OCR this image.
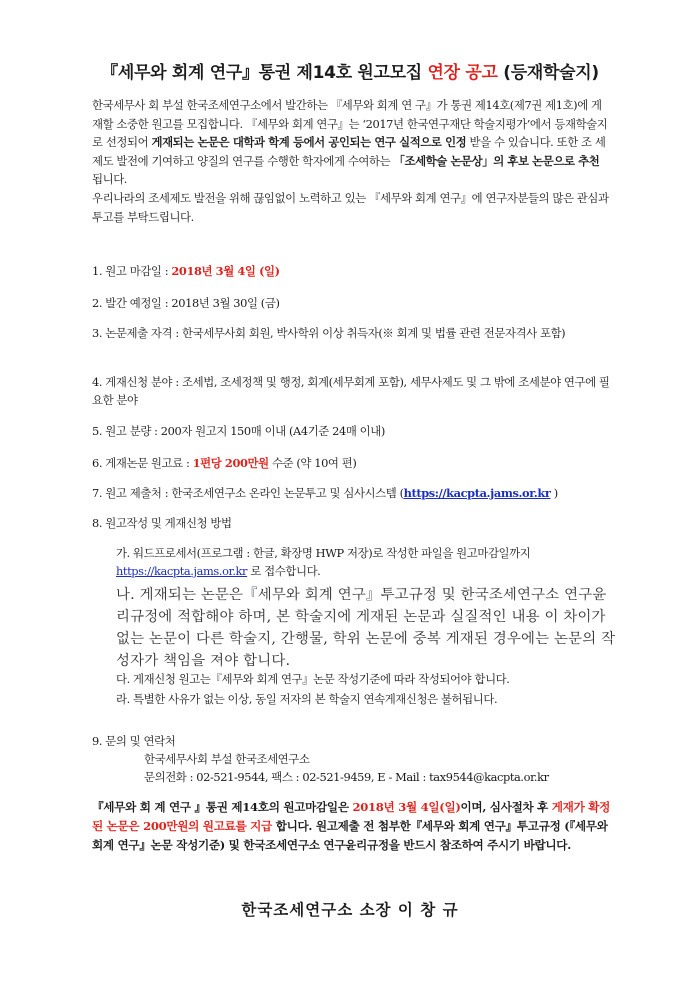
『세무와 회계 연구』통권 제14호 원고모집 연장 공고 (등재학술지)

한국세무사 회 부설 한국조세연구소에서 발간하는 『세무와 회계 연 구』가 통권 제14호(제7권 제1호)에 게재할 소중한 원고를 모집합니다. 『세무와 회계 연구』는 ‘2017년 한국연구재단 학술지평가’에서 등재학술지 로 선정되어 게재되는 논문은 대학과 학계 등에서 공인되는 연구 실적으로 인정 받을 수 있습니다. 또한 조 세제도 발전에 기여하고 양질의 연구를 수행한 학자에게 수여하는 「조세학술 논문상」의 후보 논문으로 추천 됩니다.

우리나라의 조세제도 발전을 위해 끊임없이 노력하고 있는 『세무와 회계 연구』에 연구자분들의 많은 관심과 투고를 부탁드립니다.

1. 원고 마감일 : 2018년 3월 4일 (일)
2. 발간 예정일 : 2018년 3월 30일 (금)
3. 논문제출 자격 : 한국세무사회 회원, 박사학위 이상 취득자(※ 회계 및 법률 관련 전문자격사 포함)
4. 게재신청 분야 : 조세법, 조세정책 및 행정, 회계(세무회계 포함), 세무사제도 및 그 밖에 조세분야 연구에 필요한 분야
5. 원고 분량 : 200자 원고지 150매 이내 (A4기준 24매 이내)
6. 게재논문 원고료 : 1편당 200만원 수준 (약 10여 편)
7. 원고 제출처 : 한국조세연구소 온라인 논문투고 및 심사시스템 (https://kacpta.jams.or.kr )
8. 원고작성 및 게재신청 방법
가. 워드프로세서(프로그램 : 한글, 확장명 HWP 저장)로 작성한 파일을 원고마감일까지
https://kacpta.jams.or.kr 로 접수합니다.
나. 게재되는 논문은『세무와 회계 연구』투고규정 및 한국조세연구소 연구윤리규정에 적합해야 하며, 본 학술지에 게재된 논문과 실질적인 내용 이 차이가 없는 논문이 다른 학술지, 간행물, 학위 논문에 중복 게재된 경우에는 논문의 작성자가 책임을 져야 합니다.
다. 게재신청 원고는『세무와 회계 연구』논문 작성기준에 따라 작성되어야 합니다.
라. 특별한 사유가 없는 이상, 동일 저자의 본 학술지 연속게재신청은 불허됩니다.
9. 문의 및 연락처
한국세무사회 부설 한국조세연구소
문의전화 : 02-521-9544, 팩스 : 02-521-9459, E - Mail : tax9544@kacpta.or.kr
『세무와 회 계 연구 』통권 제14호의 원고마감일은 2018년 3월 4일(일)이며, 심사절차 후 게재가 확정된 논문은 200만원의 원고료를 지급 합니다. 원고제출 전 첨부한『세무와 회계 연구』투고규정 (『세무와 회계 연구』논문 작성기준) 및 한국조세연구소 연구윤리규정을 반드시 참조하여 주시기 바랍니다.
한국조세연구소 소장 이 창 규
